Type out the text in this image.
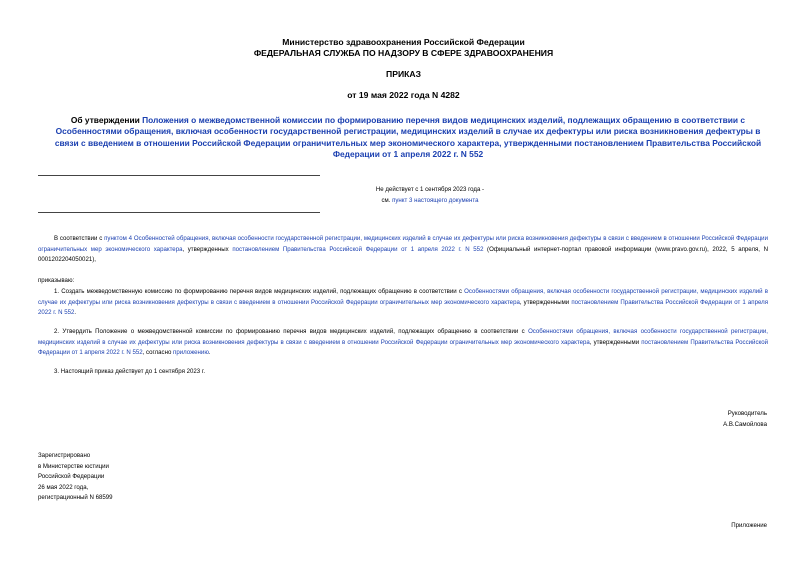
Министерство здравоохранения Российской Федерации
ФЕДЕРАЛЬНАЯ СЛУЖБА ПО НАДЗОРУ В СФЕРЕ ЗДРАВООХРАНЕНИЯ
ПРИКАЗ
от 19 мая 2022 года N 4282
Об утверждении Положения о межведомственной комиссии по формированию перечня видов медицинских изделий, подлежащих обращению в соответствии с Особенностями обращения, включая особенности государственной регистрации, медицинских изделий в случае их дефектуры или риска возникновения дефектуры в связи с введением в отношении Российской Федерации ограничительных мер экономического характера, утвержденными постановлением Правительства Российской Федерации от 1 апреля 2022 г. N 552
Не действует с 1 сентября 2023 года -
см. пункт 3 настоящего документа
В соответствии с пунктом 4 Особенностей обращения, включая особенности государственной регистрации, медицинских изделий в случае их дефектуры или риска возникновения дефектуры в связи с введением в отношении Российской Федерации ограничительных мер экономического характера, утвержденных постановлением Правительства Российской Федерации от 1 апреля 2022 г. N 552 (Официальный интернет-портал правовой информации (www.pravo.gov.ru), 2022, 5 апреля, N 0001202204050021),
приказываю:
1. Создать межведомственную комиссию по формированию перечня видов медицинских изделий, подлежащих обращению в соответствии с Особенностями обращения, включая особенности государственной регистрации, медицинских изделий в случае их дефектуры или риска возникновения дефектуры в связи с введением в отношении Российской Федерации ограничительных мер экономического характера, утвержденными постановлением Правительства Российской Федерации от 1 апреля 2022 г. N 552.
2. Утвердить Положение о межведомственной комиссии по формированию перечня видов медицинских изделий, подлежащих обращению в соответствии с Особенностями обращения, включая особенности государственной регистрации, медицинских изделий в случае их дефектуры или риска возникновения дефектуры в связи с введением в отношении Российской Федерации ограничительных мер экономического характера, утвержденными постановлением Правительства Российской Федерации от 1 апреля 2022 г. N 552, согласно приложению.
3. Настоящий приказ действует до 1 сентября 2023 г.
Руководитель
А.В.Самойлова
Зарегистрировано
в Министерстве юстиции
Российской Федерации
26 мая 2022 года,
регистрационный N 68599
Приложение
